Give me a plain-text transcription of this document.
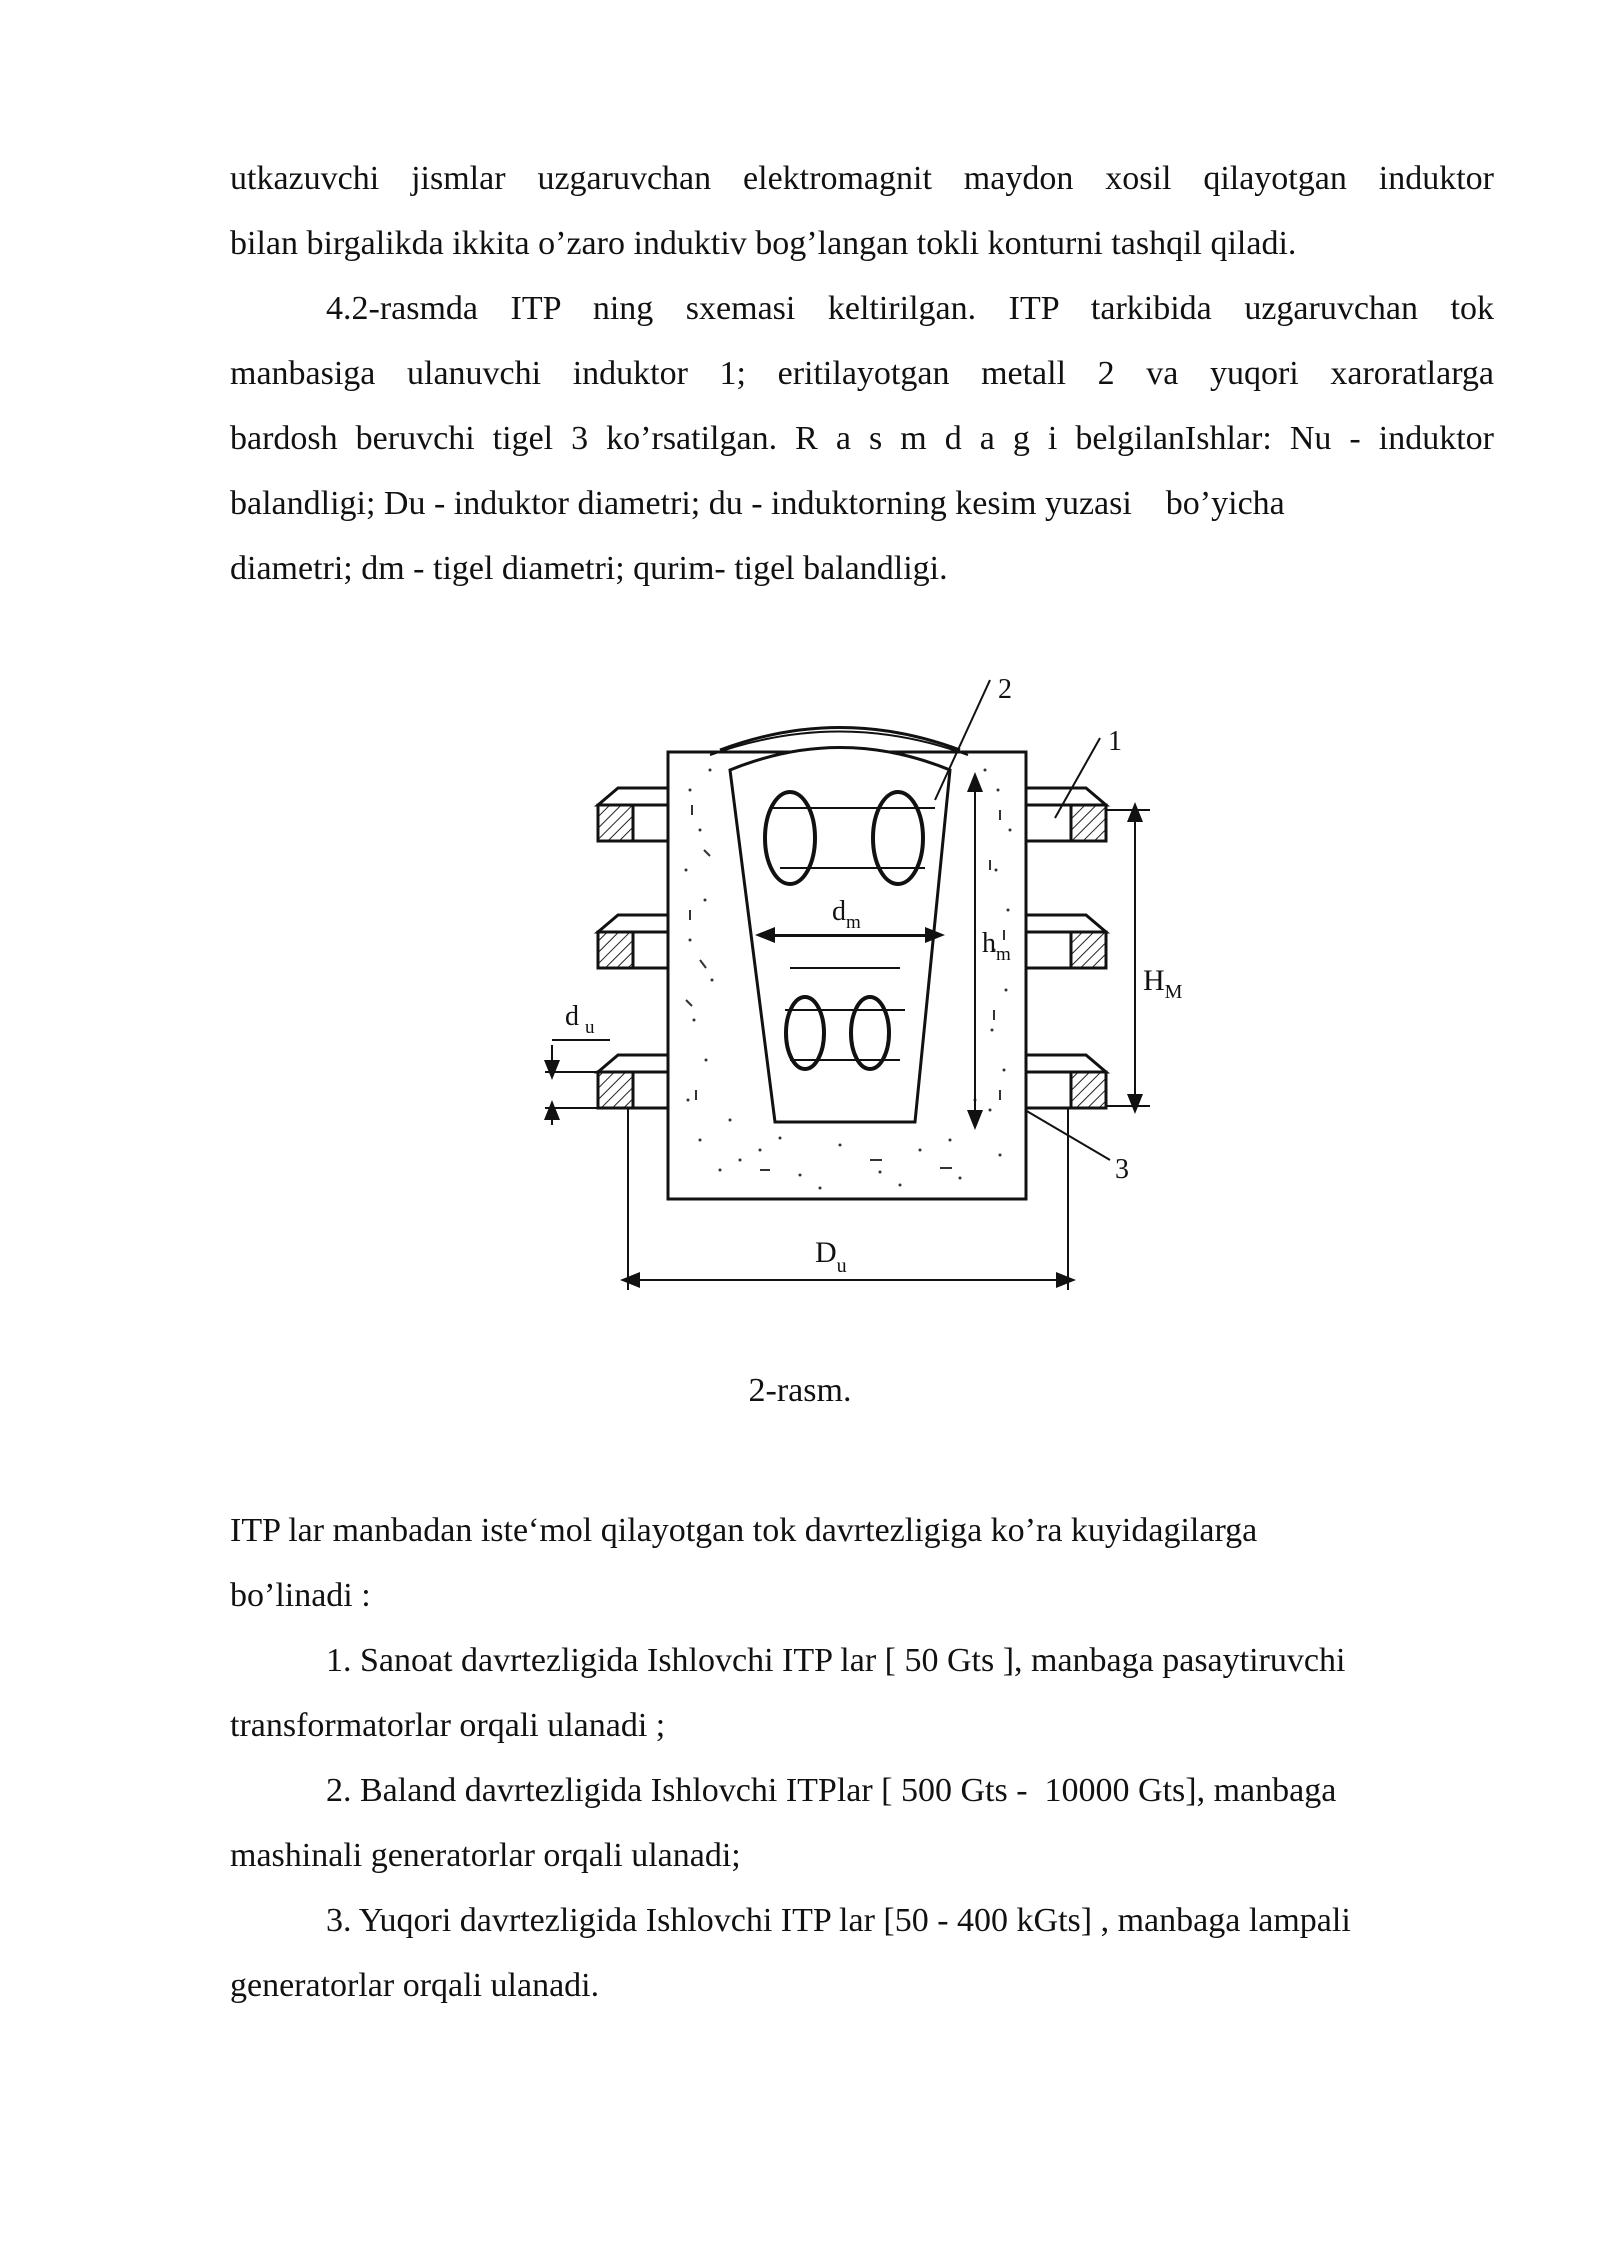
utkazuvchi jismlar uzgaruvchan elektromagnit maydon xosil qilayotgan induktor
bilan birgalikda ikkita o’zaro induktiv bog’langan tokli konturni tashqil qiladi.
4.2-rasmda ITP ning sxemasi keltirilgan. ITP tarkibida uzgaruvchan tok
manbasiga ulanuvchi induktor 1; eritilayotgan metall 2 va yuqori xaroratlarga
bardosh beruvchi tigel 3 ko’rsatilgan. R a s m d a g i belgilanIshlar: Nu - induktor
balandligi; Du - induktor diametri; du - induktorning kesim yuzasi    bo’yicha
diametri; dm - tigel diametri; qurim- tigel balandligi.
$d_m$
$h_m$
$H_M$
d $_u$
$D_u$
1
2
3

2-rasm.

ITP lar manbadan iste‘mol qilayotgan tok davrtezligiga ko’ra kuyidagilarga
bo’linadi :
1. Sanoat davrtezligida Ishlovchi ITP lar [ 50 Gts ], manbaga pasaytiruvchi
transformatorlar orqali ulanadi ;
2. Baland davrtezligida Ishlovchi ITPlar [ 500 Gts -  10000 Gts], manbaga
mashinali generatorlar orqali ulanadi;
3. Yuqori davrtezligida Ishlovchi ITP lar [50 - 400 kGts] , manbaga lampali
generatorlar orqali ulanadi.
